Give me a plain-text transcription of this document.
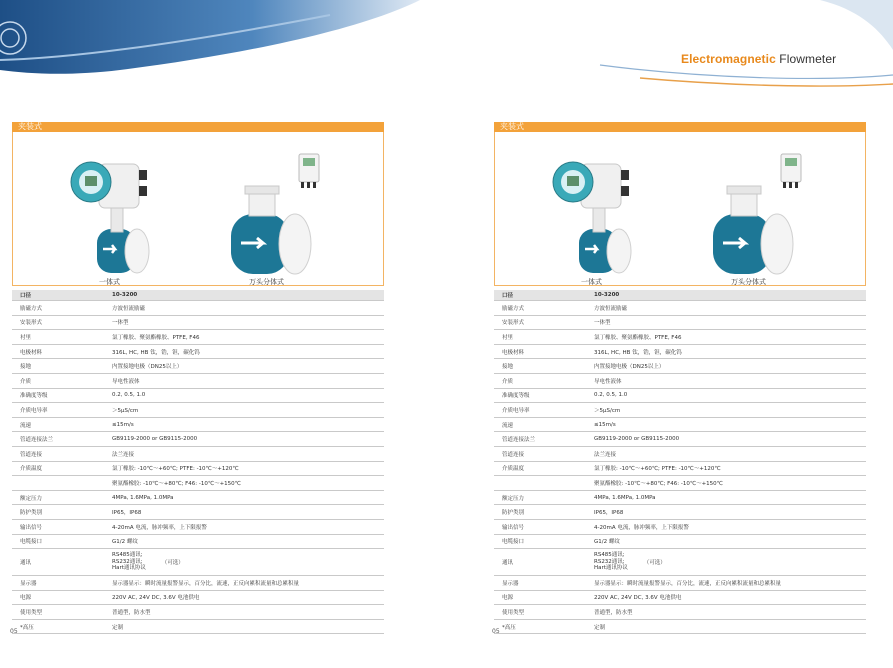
Electromagnetic Flowmeter
夹装式
一体式	万头分体式
口径	10-3200
励磁方式	方波恒流励磁
安装形式	一体型
衬里	氯丁橡胶、聚氨酯橡胶、PTFE, F46
电极材料	316L, HC, HB 钛，锆，钽，碳化钨
接地	内置接地电极（DN25以上）
介质	导电性液体
准确度等级	0.2, 0.5, 1.0
介质电导率	＞5μS/cm
流速	≤15m/s
管道连接法兰	GB9119-2000 or GB9115-2000
管道连接	法兰连接
介质温度	氯丁橡胶: -10℃～+60℃; PTFE: -10℃～+120℃
	聚氨酯橡胶: -10℃～+80℃; F46: -10℃～+150℃
额定压力	4MPa, 1.6MPa, 1.0MPa
防护类别	IP65，IP68
输出信号	4-20mA 电流，脉冲频率，上下限报警
电缆接口	G1/2 螺纹
通讯	RS485通讯;
RS232通讯;
Hart通讯协议 （可选）
显示器	显示器显示：瞬时流量报警显示，百分比，流速，正反向累积流量和总累积量
电源	220V AC, 24V DC, 3.6V 电池供电
使用类型	普通型，防水型
*高压	定制
夹装式
一体式	万头分体式
口径	10-3200
励磁方式	方波恒流励磁
安装形式	一体型
衬里	氯丁橡胶、聚氨酯橡胶、PTFE, F46
电极材料	316L, HC, HB 钛，锆，钽，碳化钨
接地	内置接地电极（DN25以上）
介质	导电性液体
准确度等级	0.2, 0.5, 1.0
介质电导率	＞5μS/cm
流速	≤15m/s
管道连接法兰	GB9119-2000 or GB9115-2000
管道连接	法兰连接
介质温度	氯丁橡胶: -10℃～+60℃; PTFE: -10℃～+120℃
	聚氨酯橡胶: -10℃～+80℃; F46: -10℃～+150℃
额定压力	4MPa, 1.6MPa, 1.0MPa
防护类别	IP65，IP68
输出信号	4-20mA 电流，脉冲频率，上下限报警
电缆接口	G1/2 螺纹
通讯	RS485通讯;
RS232通讯;
Hart通讯协议 （可选）
显示器	显示器显示：瞬时流量报警显示，百分比，流速，正反向累积流量和总累积量
电源	220V AC, 24V DC, 3.6V 电池供电
使用类型	普通型，防水型
*高压	定制
05	05
